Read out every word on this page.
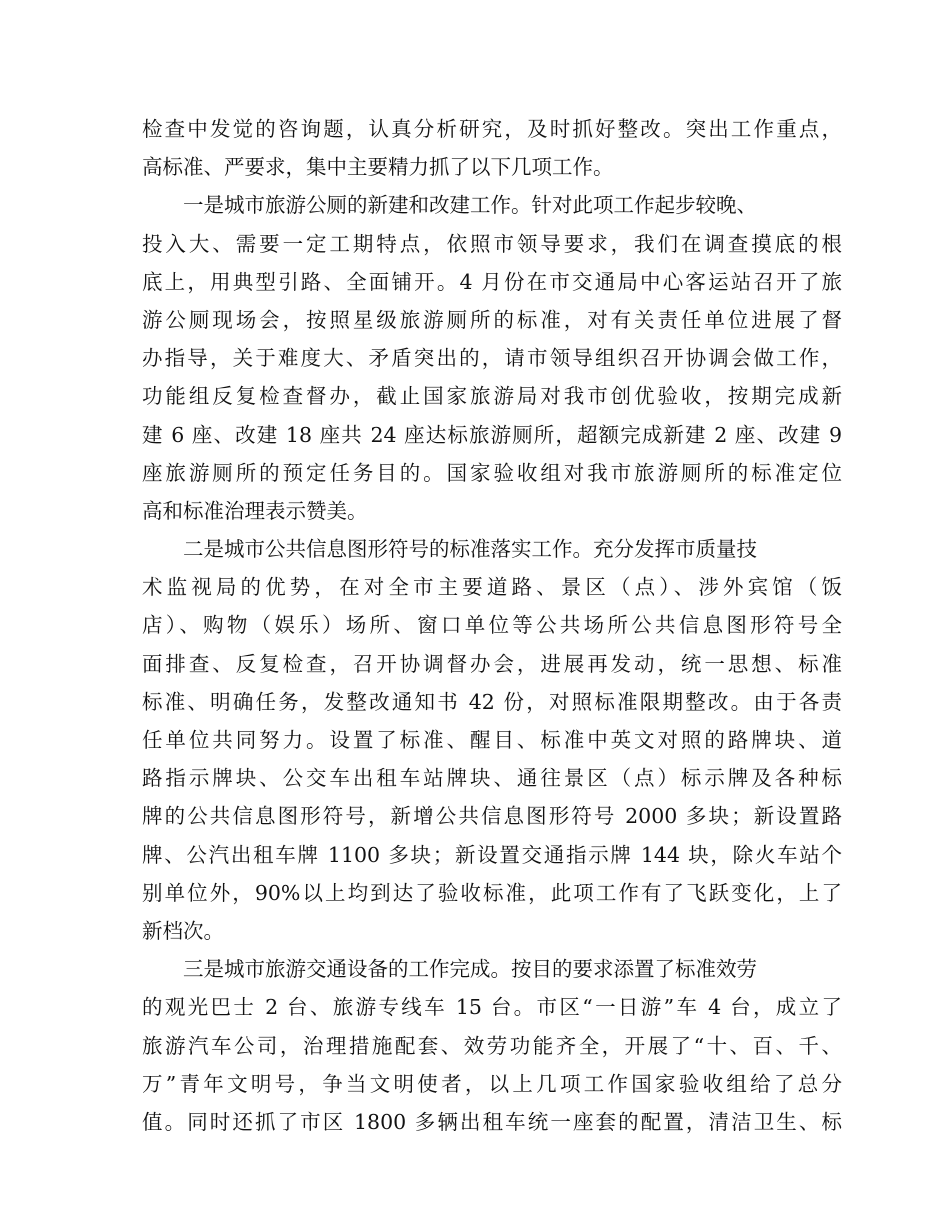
检查中发觉的咨询题，认真分析研究，及时抓好整改。突出工作重点，
高标准、严要求，集中主要精力抓了以下几项工作。
一是城市旅游公厕的新建和改建工作。针对此项工作起步较晚、
投入大、需要一定工期特点，依照市领导要求，我们在调查摸底的根
底上，用典型引路、全面铺开。4 月份在市交通局中心客运站召开了旅
游公厕现场会，按照星级旅游厕所的标准，对有关责任单位进展了督
办指导，关于难度大、矛盾突出的，请市领导组织召开协调会做工作，
功能组反复检查督办，截止国家旅游局对我市创优验收，按期完成新
建 6 座、改建 18 座共 24 座达标旅游厕所，超额完成新建 2 座、改建 9
座旅游厕所的预定任务目的。国家验收组对我市旅游厕所的标准定位
高和标准治理表示赞美。
二是城市公共信息图形符号的标准落实工作。充分发挥市质量技
术监视局的优势，在对全市主要道路、景区（点）、涉外宾馆（饭
店）、购物（娱乐）场所、窗口单位等公共场所公共信息图形符号全
面排查、反复检查，召开协调督办会，进展再发动，统一思想、标准
标准、明确任务，发整改通知书 42 份，对照标准限期整改。由于各责
任单位共同努力。设置了标准、醒目、标准中英文对照的路牌块、道
路指示牌块、公交车出租车站牌块、通往景区（点）标示牌及各种标
牌的公共信息图形符号，新增公共信息图形符号 2000 多块；新设置路
牌、公汽出租车牌 1100 多块；新设置交通指示牌 144 块，除火车站个
别单位外，90%以上均到达了验收标准，此项工作有了飞跃变化，上了
新档次。
三是城市旅游交通设备的工作完成。按目的要求添置了标准效劳
的观光巴士 2 台、旅游专线车 15 台。市区“一日游”车 4 台，成立了
旅游汽车公司，治理措施配套、效劳功能齐全，开展了“十、百、千、
万”青年文明号，争当文明使者，以上几项工作国家验收组给了总分
值。同时还抓了市区 1800 多辆出租车统一座套的配置，清洁卫生、标
